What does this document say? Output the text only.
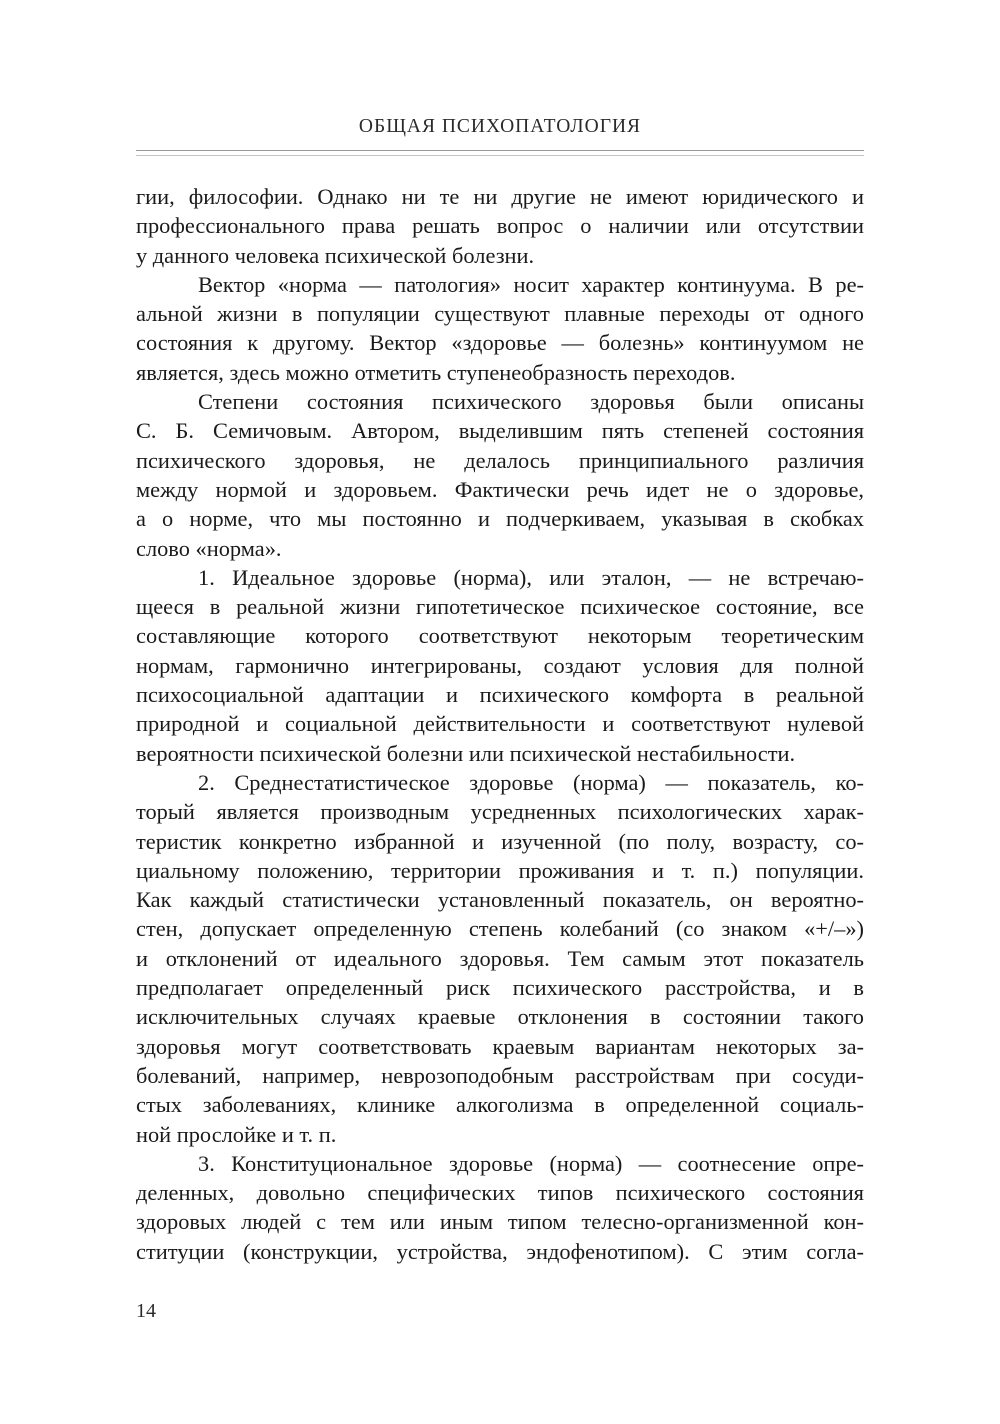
ОБЩАЯ ПСИХОПАТОЛОГИЯ
гии, философии. Однако ни те ни другие не имеют юридического и
профессионального права решать вопрос о наличии или отсутствии
у данного человека психической болезни.
Вектор «норма — патология» носит характер континуума. В ре-
альной жизни в популяции существуют плавные переходы от одного
состояния к другому. Вектор «здоровье — болезнь» континуумом не
является, здесь можно отметить ступенеобразность переходов.
Степени состояния психического здоровья были описаны
С. Б. Семичовым. Автором, выделившим пять степеней состояния
психического здоровья, не делалось принципиального различия
между нормой и здоровьем. Фактически речь идет не о здоровье,
а о норме, что мы постоянно и подчеркиваем, указывая в скобках
слово «норма».
1. Идеальное здоровье (норма), или эталон, — не встречаю-
щееся в реальной жизни гипотетическое психическое состояние, все
составляющие которого соответствуют некоторым теоретическим
нормам, гармонично интегрированы, создают условия для полной
психосоциальной адаптации и психического комфорта в реальной
природной и социальной действительности и соответствуют нулевой
вероятности психической болезни или психической нестабильности.
2. Среднестатистическое здоровье (норма) — показатель, ко-
торый является производным усредненных психологических харак-
теристик конкретно избранной и изученной (по полу, возрасту, со-
циальному положению, территории проживания и т. п.) популяции.
Как каждый статистически установленный показатель, он вероятно-
стен, допускает определенную степень колебаний (со знаком «+/–»)
и отклонений от идеального здоровья. Тем самым этот показатель
предполагает определенный риск психического расстройства, и в
исключительных случаях краевые отклонения в состоянии такого
здоровья могут соответствовать краевым вариантам некоторых за-
болеваний, например, неврозоподобным расстройствам при сосуди-
стых заболеваниях, клинике алкоголизма в определенной социаль-
ной прослойке и т. п.
3. Конституциональное здоровье (норма) — соотнесение опре-
деленных, довольно специфических типов психического состояния
здоровых людей с тем или иным типом телесно-организменной кон-
ституции (конструкции, устройства, эндофенотипом). С этим согла-
14
